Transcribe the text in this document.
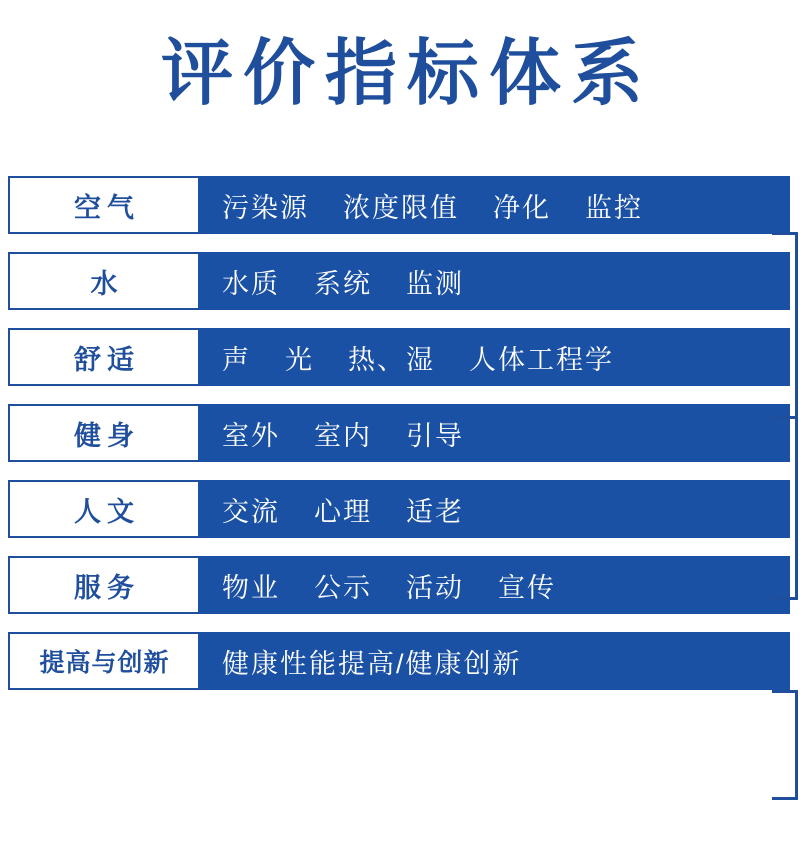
评价指标体系
空气	污染源 浓度限值 净化 监控
水	水质 系统 监测
舒适	声 光 热、湿 人体工程学
健身	室外 室内 引导
人文	交流 心理 适老
服务	物业 公示 活动 宣传
提高与创新	健康性能提高/健康创新
